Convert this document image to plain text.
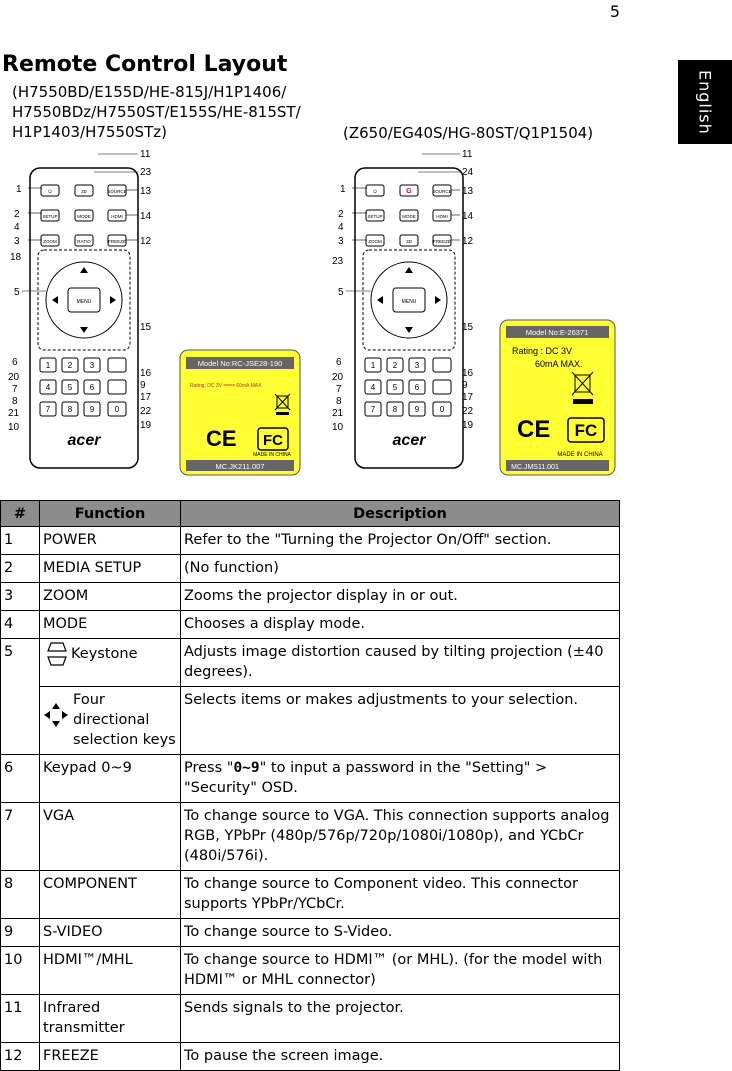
5
English
Remote Control Layout
(H7550BD/E155D/HE-815J/H1P1406/ H7550BDz/H7550ST/E155S/HE-815ST/ H1P1403/H7550STz)	(Z650/EG40S/HG-80ST/Q1P1504)
MENU
⏻	3D	SOURCE
SETUP	MODE	HDMI
ZOOM	RATIO	FREEZE
1 2 3
4 5 6
7 8 9	0
acer
1
2
4
3
18
5
6
20
7
8
21
10
11
23
13
14
12
15
16
9
17
22
19
Model No:RC-JSE28-190
Rating: DC 3V ==== 60mA MAX
CE FC
MADE IN CHINA
MC.JK211.007
MENU
⏻	G	SOURCE
SETUP	MODE	HDMI
ZOOM	3D	FREEZE
1 2 3
4 5 6
7 8 9	0
acer
1
2
4
3
23
5
6
20
7
8
21
10
11
24
13
14
12
15
16
9
17
22
19
Model No:E-26371
Rating : DC 3V
60mA MAX.
CE FC
MADE IN CHINA
MC.JMS11.001
#	Function	Description
1	POWER	Refer to the "Turning the Projector On/Off" section.
2	MEDIA SETUP	(No function)
3	ZOOM	Zooms the projector display in or out.
4	MODE	Chooses a display mode.
5	Keystone	Adjusts image distortion caused by tilting projection (±40 degrees).

	Four directional selection keys	Selects items or makes adjustments to your selection.
6	Keypad 0~9	Press "0~9" to input a password in the "Setting" > "Security" OSD.
7	VGA	To change source to VGA. This connection supports analog RGB, YPbPr (480p/576p/720p/1080i/1080p), and YCbCr (480i/576i).
8	COMPONENT	To change source to Component video. This connector supports YPbPr/YCbCr.
9	S-VIDEO	To change source to S-Video.
10	HDMI™/MHL	To change source to HDMI™ (or MHL). (for the model with HDMI™ or MHL connector)
11	Infrared transmitter	Sends signals to the projector.
12	FREEZE	To pause the screen image.
